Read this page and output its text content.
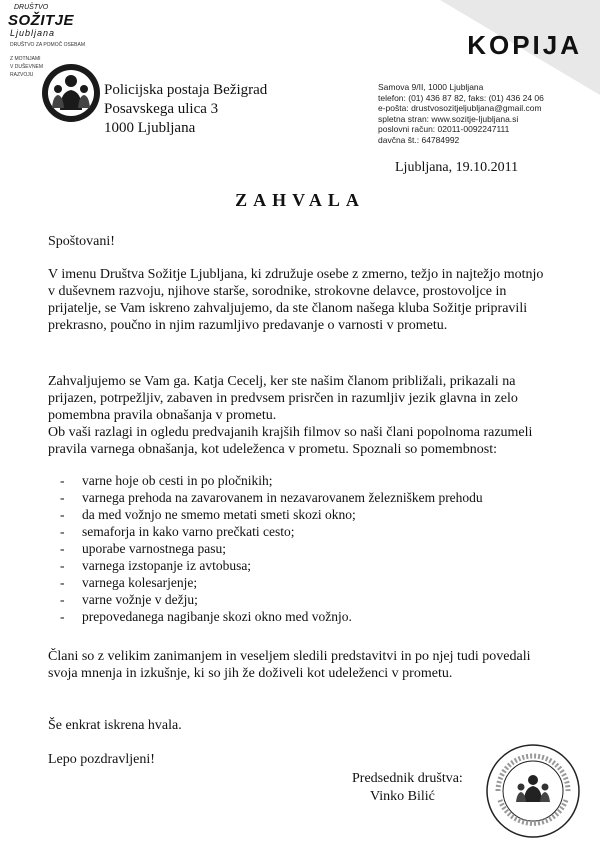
DRUŠTVO
SOŽITJE
Ljubljana
DRUŠTVO ZA POMOČ OSEBAM
Z MOTNJAMI
V DUŠEVNEM
RAZVOJU
KOPIJA
Policijska postaja Bežigrad
Posavskega ulica 3
1000 Ljubljana
Samova 9/II, 1000 Ljubljana
telefon: (01) 436 87 82, faks: (01) 436 24 06
e-pošta: drustvosozitjeljubljana@gmail.com
spletna stran: www.sozitje-ljubljana.si
poslovni račun: 02011-0092247111
davčna št.: 64784992
Ljubljana, 19.10.2011
ZAHVALA

Spoštovani!

V imenu Društva Sožitje Ljubljana, ki združuje osebe z zmerno, težjo in najtežjo motnjo v duševnem razvoju, njihove starše, sorodnike, strokovne delavce, prostovoljce in prijatelje, se Vam iskreno zahvaljujemo, da ste članom našega kluba Sožitje pripravili prekrasno, poučno in njim razumljivo predavanje o varnosti v prometu.

Zahvaljujemo se Vam ga. Katja Cecelj, ker ste našim članom približali, prikazali na prijazen, potrpežljiv, zabaven in predvsem prisrčen in razumljiv jezik glavna in zelo pomembna pravila obnašanja v prometu.

Ob vaši razlagi in ogledu predvajanih krajših filmov so naši člani popolnoma razumeli pravila varnega obnašanja, kot udeleženca v prometu. Spoznali so pomembnost:

- varne hoje ob cesti in po pločnikih;
- varnega prehoda na zavarovanem in nezavarovanem železniškem prehodu
- da med vožnjo ne smemo metati smeti skozi okno;
- semaforja in kako varno prečkati cesto;
- uporabe varnostnega pasu;
- varnega izstopanje iz avtobusa;
- varnega kolesarjenje;
- varne vožnje v dežju;
- prepovedanega nagibanje skozi okno med vožnjo.

Člani so z velikim zanimanjem in veseljem sledili predstavitvi in po njej tudi povedali svoja mnenja in izkušnje, ki so jih že doživeli kot udeleženci v prometu.

Še enkrat iskrena hvala.

Lepo pozdravljeni!

Predsednik društva:
Vinko Bilić
